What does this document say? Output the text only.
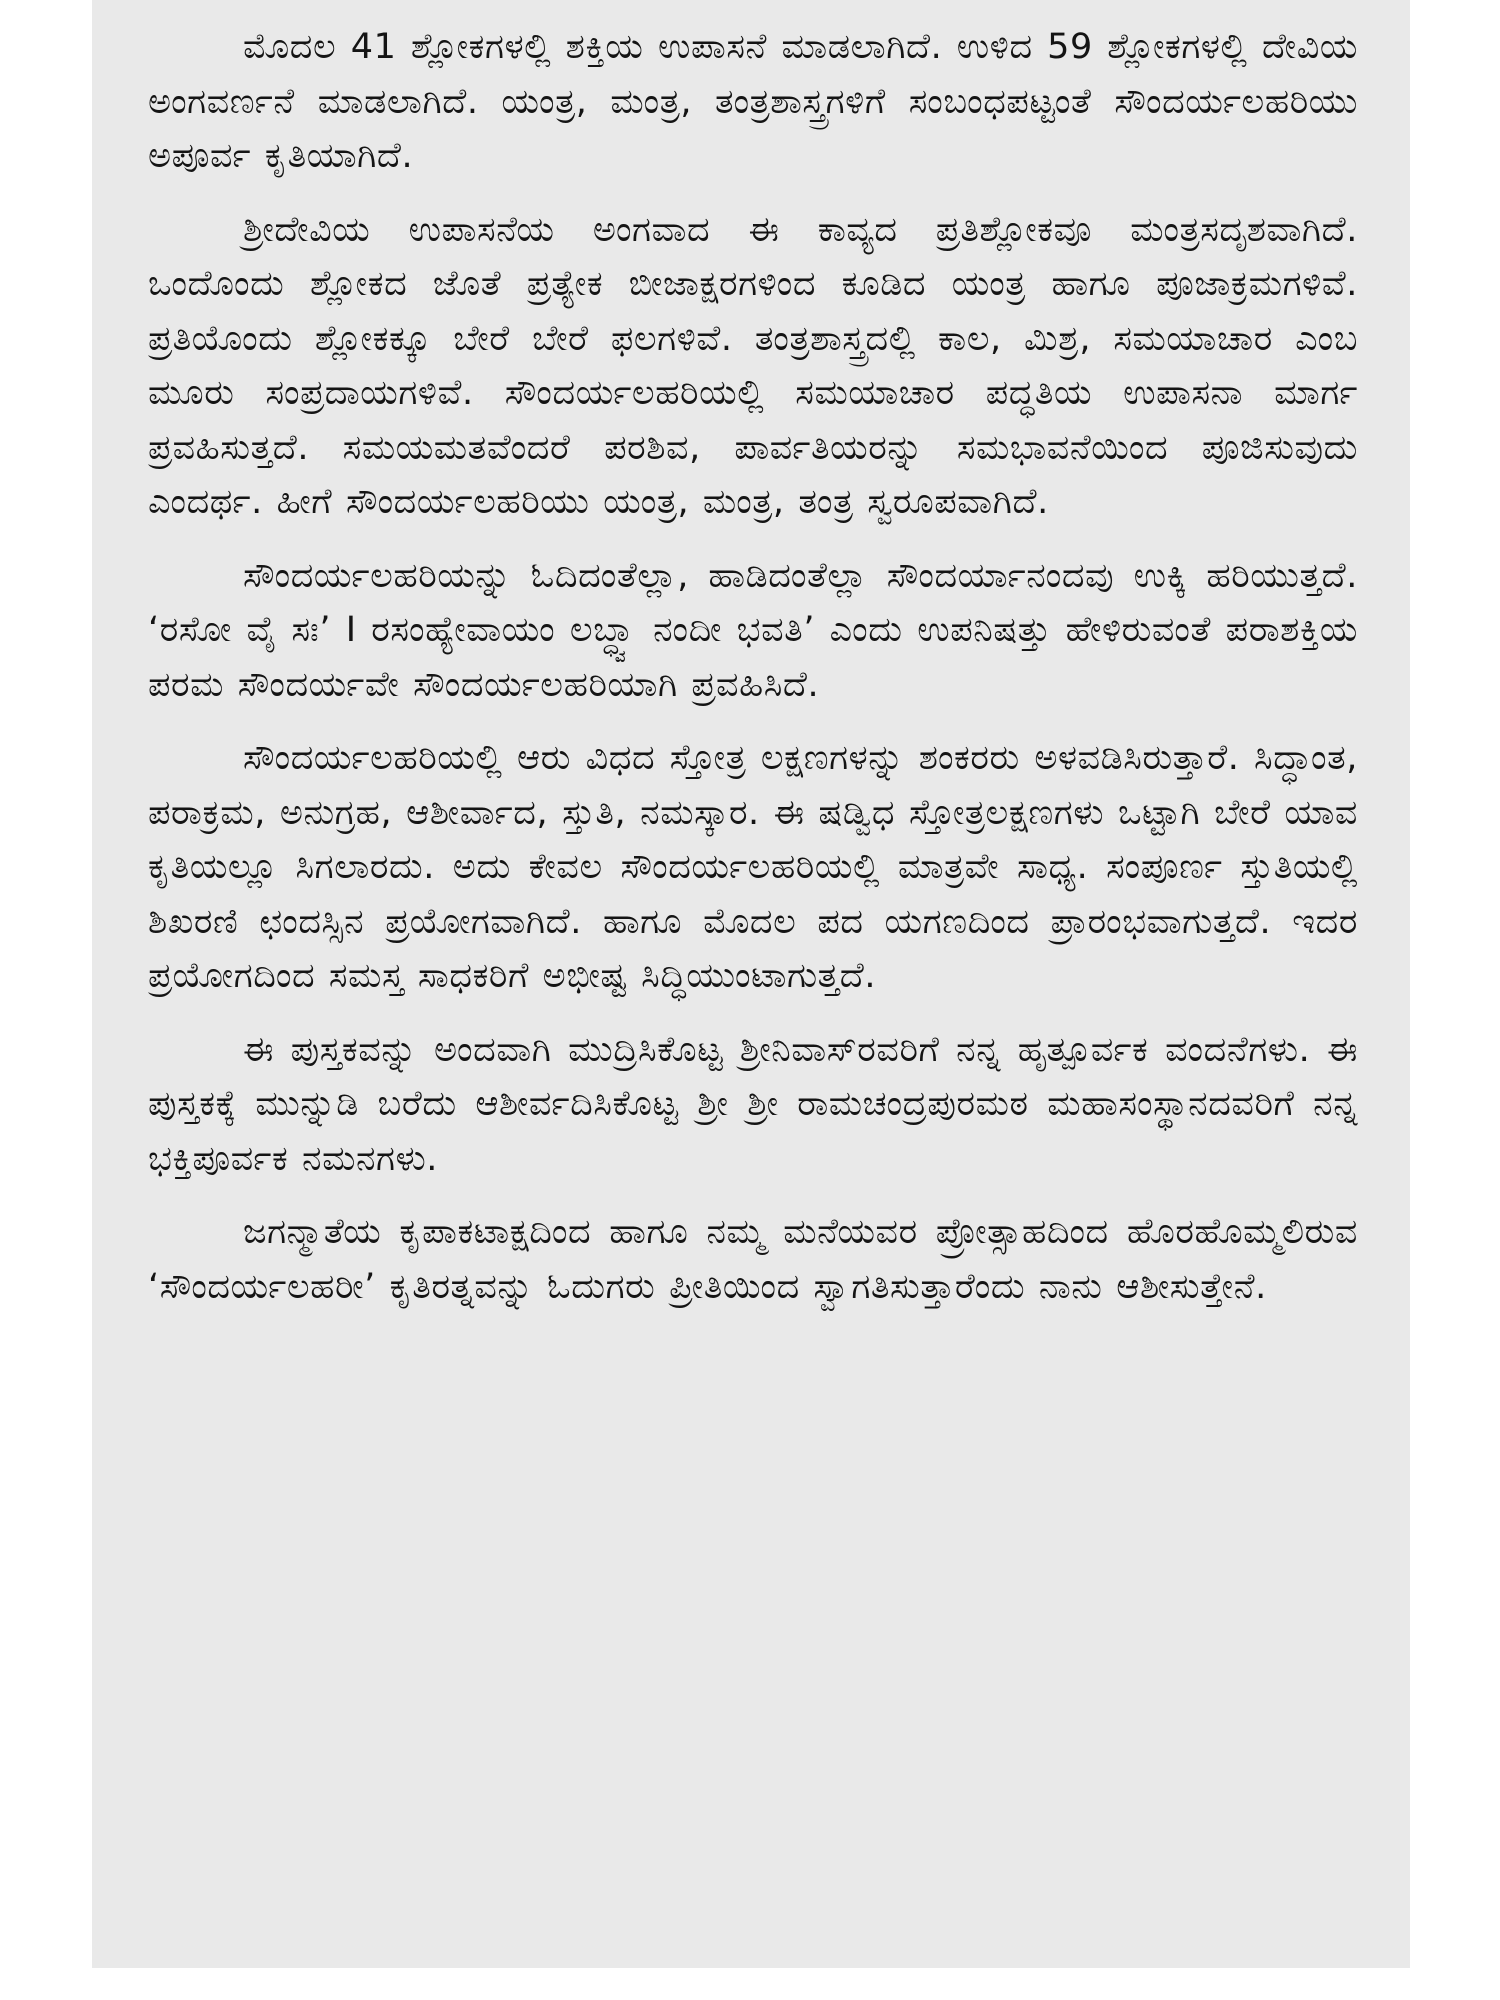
ಮೊದಲ 41 ಶ್ಲೋಕಗಳಲ್ಲಿ ಶಕ್ತಿಯ ಉಪಾಸನೆ ಮಾಡಲಾಗಿದೆ. ಉಳಿದ 59 ಶ್ಲೋಕಗಳಲ್ಲಿ ದೇವಿಯ ಅಂಗವರ್ಣನೆ ಮಾಡಲಾಗಿದೆ. ಯಂತ್ರ, ಮಂತ್ರ, ತಂತ್ರಶಾಸ್ತ್ರಗಳಿಗೆ ಸಂಬಂಧಪಟ್ಟಂತೆ ಸೌಂದರ್ಯಲಹರಿಯು ಅಪೂರ್ವ ಕೃತಿಯಾಗಿದೆ.

ಶ್ರೀದೇವಿಯ ಉಪಾಸನೆಯ ಅಂಗವಾದ ಈ ಕಾವ್ಯದ ಪ್ರತಿಶ್ಲೋಕವೂ ಮಂತ್ರಸದೃಶವಾಗಿದೆ. ಒಂದೊಂದು ಶ್ಲೋಕದ ಜೊತೆ ಪ್ರತ್ಯೇಕ ಬೀಜಾಕ್ಷರಗಳಿಂದ ಕೂಡಿದ ಯಂತ್ರ ಹಾಗೂ ಪೂಜಾಕ್ರಮಗಳಿವೆ. ಪ್ರತಿಯೊಂದು ಶ್ಲೋಕಕ್ಕೂ ಬೇರೆ ಬೇರೆ ಫಲಗಳಿವೆ. ತಂತ್ರಶಾಸ್ತ್ರದಲ್ಲಿ ಕಾಲ, ಮಿಶ್ರ, ಸಮಯಾಚಾರ ಎಂಬ ಮೂರು ಸಂಪ್ರದಾಯಗಳಿವೆ. ಸೌಂದರ್ಯಲಹರಿಯಲ್ಲಿ ಸಮಯಾಚಾರ ಪದ್ಧತಿಯ ಉಪಾಸನಾ ಮಾರ್ಗ ಪ್ರವಹಿಸುತ್ತದೆ. ಸಮಯಮತವೆಂದರೆ ಪರಶಿವ, ಪಾರ್ವತಿಯರನ್ನು ಸಮಭಾವನೆಯಿಂದ ಪೂಜಿಸುವುದು ಎಂದರ್ಥ. ಹೀಗೆ ಸೌಂದರ್ಯಲಹರಿಯು ಯಂತ್ರ, ಮಂತ್ರ, ತಂತ್ರ ಸ್ವರೂಪವಾಗಿದೆ.

ಸೌಂದರ್ಯಲಹರಿಯನ್ನು ಓದಿದಂತೆಲ್ಲಾ, ಹಾಡಿದಂತೆಲ್ಲಾ ಸೌಂದರ್ಯಾನಂದವು ಉಕ್ಕಿ ಹರಿಯುತ್ತದೆ. ‘ರಸೋ ವೈ ಸಃ’ I ರಸಂಹ್ಯೇವಾಯಂ ಲಬ್ಧ್ವಾ ನಂದೀ ಭವತಿ’ ಎಂದು ಉಪನಿಷತ್ತು ಹೇಳಿರುವಂತೆ ಪರಾಶಕ್ತಿಯ ಪರಮ ಸೌಂದರ್ಯವೇ ಸೌಂದರ್ಯಲಹರಿಯಾಗಿ ಪ್ರವಹಿಸಿದೆ.

ಸೌಂದರ್ಯಲಹರಿಯಲ್ಲಿ ಆರು ವಿಧದ ಸ್ತೋತ್ರ ಲಕ್ಷಣಗಳನ್ನು ಶಂಕರರು ಅಳವಡಿಸಿರುತ್ತಾರೆ. ಸಿದ್ಧಾಂತ, ಪರಾಕ್ರಮ, ಅನುಗ್ರಹ, ಆಶೀರ್ವಾದ, ಸ್ತುತಿ, ನಮಸ್ಕಾರ. ಈ ಷಡ್ವಿಧ ಸ್ತೋತ್ರಲಕ್ಷಣಗಳು ಒಟ್ಟಾಗಿ ಬೇರೆ ಯಾವ ಕೃತಿಯಲ್ಲೂ ಸಿಗಲಾರದು. ಅದು ಕೇವಲ ಸೌಂದರ್ಯಲಹರಿಯಲ್ಲಿ ಮಾತ್ರವೇ ಸಾಧ್ಯ. ಸಂಪೂರ್ಣ ಸ್ತುತಿಯಲ್ಲಿ ಶಿಖರಣಿ ಛಂದಸ್ಸಿನ ಪ್ರಯೋಗವಾಗಿದೆ. ಹಾಗೂ ಮೊದಲ ಪದ ಯಗಣದಿಂದ ಪ್ರಾರಂಭವಾಗುತ್ತದೆ. ಇದರ ಪ್ರಯೋಗದಿಂದ ಸಮಸ್ತ ಸಾಧಕರಿಗೆ ಅಭೀಷ್ಟ ಸಿದ್ಧಿಯುಂಟಾಗುತ್ತದೆ.

ಈ ಪುಸ್ತಕವನ್ನು ಅಂದವಾಗಿ ಮುದ್ರಿಸಿಕೊಟ್ಟ ಶ್ರೀನಿವಾಸ್‌ರವರಿಗೆ ನನ್ನ ಹೃತ್ಪೂರ್ವಕ ವಂದನೆಗಳು. ಈ ಪುಸ್ತಕಕ್ಕೆ ಮುನ್ನುಡಿ ಬರೆದು ಆಶೀರ್ವದಿಸಿಕೊಟ್ಟ ಶ್ರೀ ಶ್ರೀ ರಾಮಚಂದ್ರಪುರಮಠ ಮಹಾಸಂಸ್ಥಾನದವರಿಗೆ ನನ್ನ ಭಕ್ತಿಪೂರ್ವಕ ನಮನಗಳು.

ಜಗನ್ಮಾತೆಯ ಕೃಪಾಕಟಾಕ್ಷದಿಂದ ಹಾಗೂ ನಮ್ಮ ಮನೆಯವರ ಪ್ರೋತ್ಸಾಹದಿಂದ ಹೊರಹೊಮ್ಮಲಿರುವ ‘ಸೌಂದರ್ಯಲಹರೀ’ ಕೃತಿರತ್ನವನ್ನು ಓದುಗರು ಪ್ರೀತಿಯಿಂದ ಸ್ವಾಗತಿಸುತ್ತಾರೆಂದು ನಾನು ಆಶೀಸುತ್ತೇನೆ.
